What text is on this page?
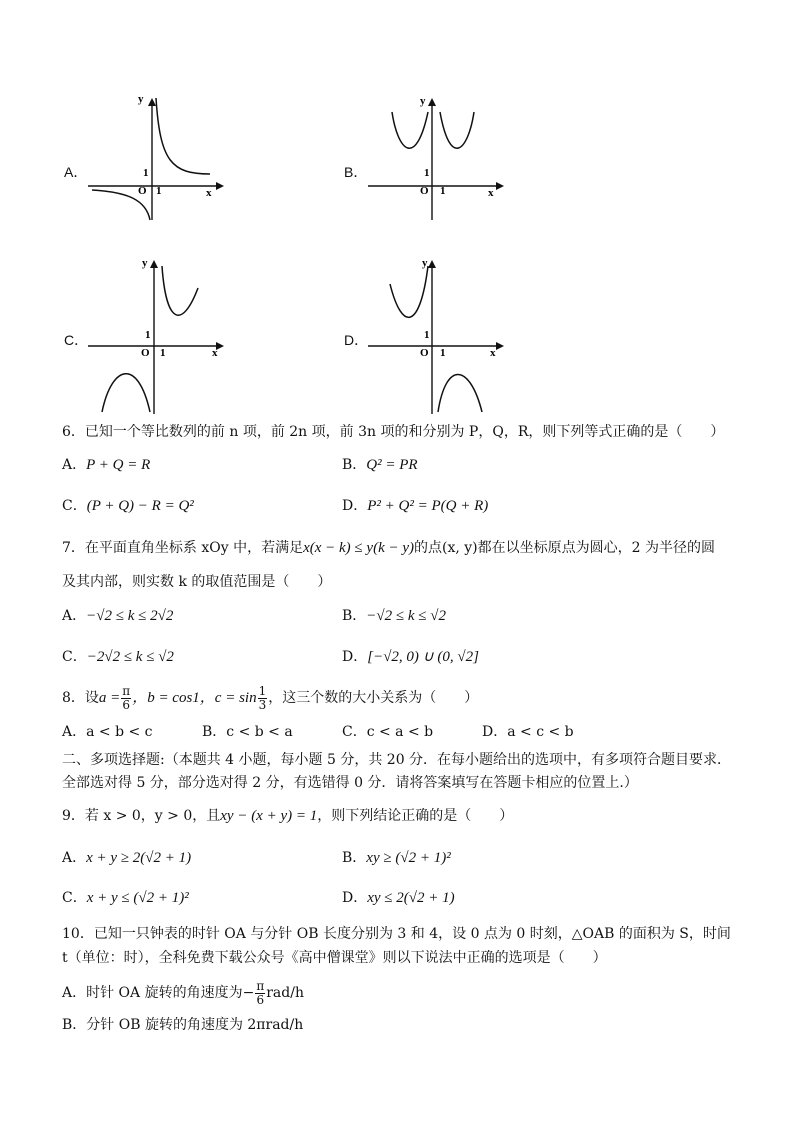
A．
y
x
O 1
1	B．
y
x
O 1
1
C．
y
x
O 1
1	D．
y
x
O 1
1
6．已知一个等比数列的前 n 项，前 2n 项，前 3n 项的和分别为 P，Q，R，则下列等式正确的是（　　）
A．P + Q = R	B．Q² = PR
C．(P + Q) − R = Q²	D．P² + Q² = P(Q + R)
7．在平面直角坐标系 xOy 中，若满足x(x − k) ≤ y(k − y)的点(x, y)都在以坐标原点为圆心，2 为半径的圆
及其内部，则实数 k 的取值范围是（　　）
A．−√2 ≤ k ≤ 2√2	B．−√2 ≤ k ≤ √2
C．−2√2 ≤ k ≤ √2	D．[−√2, 0) ∪ (0, √2]
8．设$a = \frac{\pi}{6}$ ，b = cos1，$c = \sin \frac{1}{3}$ ，这三个数的大小关系为（　　）
A．a < b < c	B．c < b < a	C．c < a < b	D．a < c < b
二、多项选择题:（本题共 4 小题，每小题 5 分，共 20 分．在每小题给出的选项中，有多项符合题目要求．全部选对得 5 分，部分选对得 2 分，有选错得 0 分．请将答案填写在答题卡相应的位置上.）
9．若 x > 0，y > 0，且xy − (x + y) = 1，则下列结论正确的是（　　）
A．x + y ≥ 2(√2 + 1)	B．xy ≥ (√2 + 1)²
C．x + y ≤ (√2 + 1)²	D．xy ≤ 2(√2 + 1)
10．已知一只钟表的时针 OA 与分针 OB 长度分别为 3 和 4，设 0 点为 0 时刻，△OAB 的面积为 S，时间 t（单位：时），全科免费下载公众号《高中僧课堂》则以下说法中正确的选项是（　　）
A．时针 OA 旋转的角速度为− $\frac{\pi}{6} rad/h$
B．分针 OB 旋转的角速度为 2πrad/h
